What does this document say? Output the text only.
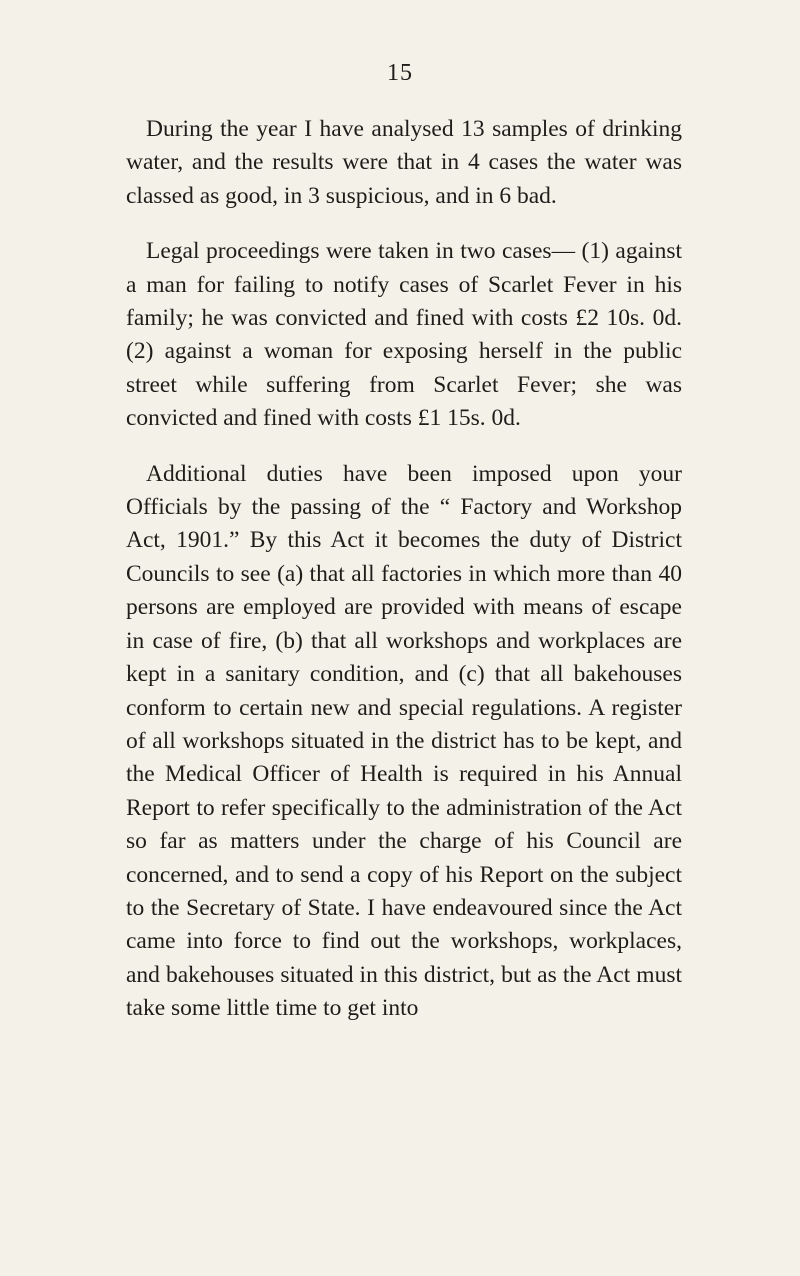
15

During the year I have analysed 13 samples of drinking water, and the results were that in 4 cases the water was classed as good, in 3 suspicious, and in 6 bad.

Legal proceedings were taken in two cases— (1) against a man for failing to notify cases of Scarlet Fever in his family; he was convicted and fined with costs £2 10s. 0d. (2) against a woman for exposing herself in the public street while suffering from Scarlet Fever; she was convicted and fined with costs £1 15s. 0d.

Additional duties have been imposed upon your Officials by the passing of the “ Factory and Workshop Act, 1901.” By this Act it becomes the duty of District Councils to see (a) that all factories in which more than 40 persons are employed are provided with means of escape in case of fire, (b) that all workshops and workplaces are kept in a sanitary condition, and (c) that all bakehouses conform to certain new and special regulations. A register of all workshops situated in the district has to be kept, and the Medical Officer of Health is required in his Annual Report to refer specifically to the administration of the Act so far as matters under the charge of his Council are concerned, and to send a copy of his Report on the subject to the Secretary of State. I have endeavoured since the Act came into force to find out the workshops, workplaces, and bakehouses situated in this district, but as the Act must take some little time to get into
